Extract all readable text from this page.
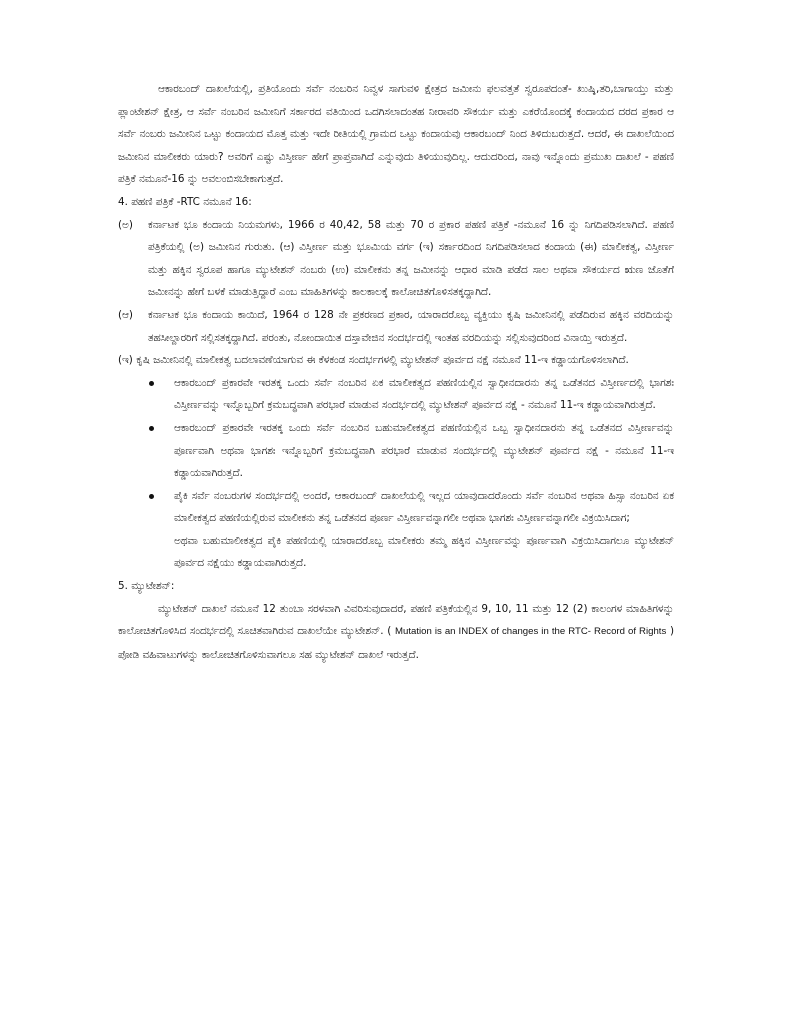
ಆಕಾರಬಂದ್ ದಾಖಲೆಯಲ್ಲಿ, ಪ್ರತಿಯೊಂದು ಸರ್ವೆ ನಂಬರಿನ ನಿವ್ವಳ ಸಾಗುವಳಿ ಕ್ಷೇತ್ರದ ಜಮೀನು ಫಲವತ್ತತೆ ಸ್ವರೂಪದಂತೆ- ಖುಷ್ಕಿ,ತರಿ,ಬಾಗಾಯ್ತು ಮತ್ತು ಪ್ಲಾಂಟೇಶನ್ ಕ್ಷೇತ್ರ, ಆ ಸರ್ವೆ ನಂಬರಿನ ಜಮೀನಿಗೆ ಸರ್ಕಾರದ ವತಿಯಿಂದ ಒದಗಿಸಲಾದಂತಹ ನೀರಾವರಿ ಸೌಕರ್ಯ ಮತ್ತು ಎಕರೆಯೊಂದಕ್ಕೆ ಕಂದಾಯದ ದರದ ಪ್ರಕಾರ ಆ ಸರ್ವೆ ನಂಬರು ಜಮೀನಿನ ಒಟ್ಟು ಕಂದಾಯದ ಮೊತ್ತ ಮತ್ತು ಇದೇ ರೀತಿಯಲ್ಲಿ ಗ್ರಾಮದ ಒಟ್ಟು ಕಂದಾಯವು ಆಕಾರಬಂದ್ ನಿಂದ ತಿಳಿದುಬರುತ್ತದೆ. ಆದರೆ, ಈ ದಾಖಲೆಯಿಂದ ಜಮೀನಿನ ಮಾಲೀಕರು ಯಾರು? ಅವರಿಗೆ ಎಷ್ಟು ವಿಸ್ತೀರ್ಣ ಹೇಗೆ ಪ್ರಾಪ್ತವಾಗಿದೆ ಎನ್ನುವುದು ತಿಳಿಯುವುದಿಲ್ಲ. ಆದುದರಿಂದ, ನಾವು ಇನ್ನೊಂದು ಪ್ರಮುಖ ದಾಖಲೆ - ಪಹಣಿ ಪತ್ರಿಕೆ ನಮೂನೆ-16 ನ್ನು ಅವಲಂಬಿಸಬೇಕಾಗುತ್ತದೆ.

4. ಪಹಣಿ ಪತ್ರಿಕೆ -RTC ನಮೂನೆ 16:

(ಅ)	ಕರ್ನಾಟಕ ಭೂ ಕಂದಾಯ ನಿಯಮಗಳು, 1966 ರ 40,42, 58 ಮತ್ತು 70 ರ ಪ್ರಕಾರ ಪಹಣಿ ಪತ್ರಿಕೆ -ನಮೂನೆ 16 ನ್ನು ನಿಗದಿಪಡಿಸಲಾಗಿದೆ. ಪಹಣಿ ಪತ್ರಿಕೆಯಲ್ಲಿ (ಅ) ಜಮೀನಿನ ಗುರುತು. (ಆ) ವಿಸ್ತೀರ್ಣ ಮತ್ತು ಭೂಮಿಯ ವರ್ಗ (ಇ) ಸರ್ಕಾರದಿಂದ ನಿಗದಿಪಡಿಸಲಾದ ಕಂದಾಯ (ಈ) ಮಾಲೀಕತ್ವ, ವಿಸ್ತೀರ್ಣ ಮತ್ತು ಹಕ್ಕಿನ ಸ್ವರೂಪ ಹಾಗೂ ಮ್ಯುಟೇಶನ್ ನಂಬರು (ಉ) ಮಾಲೀಕನು ತನ್ನ ಜಮೀನನ್ನು ಆಧಾರ ಮಾಡಿ ಪಡೆದ ಸಾಲ ಅಥವಾ ಸೌಕರ್ಯದ ಋಣ ಜೊತೆಗೆ ಜಮೀನನ್ನು ಹೇಗೆ ಬಳಕೆ ಮಾಡುತ್ತಿದ್ದಾರೆ ಎಂಬ ಮಾಹಿತಿಗಳನ್ನು ಕಾಲಕಾಲಕ್ಕೆ ಕಾಲೋಚಿತಗೊಳಿಸತಕ್ಕದ್ದಾಗಿದೆ.
(ಆ)	ಕರ್ನಾಟಕ ಭೂ ಕಂದಾಯ ಕಾಯಿದೆ, 1964 ರ 128 ನೇ ಪ್ರಕರಣದ ಪ್ರಕಾರ, ಯಾರಾದರೊಬ್ಬ ವ್ಯಕ್ತಿಯು ಕೃಷಿ ಜಮೀನಿನಲ್ಲಿ ಪಡೆದಿರುವ ಹಕ್ಕಿನ ವರದಿಯನ್ನು ತಹಸೀಲ್ದಾರರಿಗೆ ಸಲ್ಲಿಸತಕ್ಕದ್ದಾಗಿದೆ. ಪರಂತು, ನೋಂದಾಯಿತ ದಸ್ತಾವೇಜಿನ ಸಂದರ್ಭದಲ್ಲಿ ಇಂತಹ ವರದಿಯನ್ನು ಸಲ್ಲಿಸುವುದರಿಂದ ವಿನಾಯ್ತಿ ಇರುತ್ತದೆ.

(ಇ) ಕೃಷಿ ಜಮೀನಿನಲ್ಲಿ ಮಾಲೀಕತ್ವ ಬದಲಾವಣೆಯಾಗುವ ಈ ಕೆಳಕಂಡ ಸಂದರ್ಭಗಳಲ್ಲಿ ಮ್ಯುಟೇಶನ್ ಪೂರ್ವದ ನಕ್ಷೆ ನಮೂನೆ 11-ಇ ಕಡ್ಡಾಯಗೊಳಿಸಲಾಗಿದೆ.

ಆಕಾರಬಂದ್ ಪ್ರಕಾರವೇ ಇರತಕ್ಕ ಒಂದು ಸರ್ವೆ ನಂಬರಿನ ಏಕ ಮಾಲೀಕತ್ವದ ಪಹಣಿಯಲ್ಲಿನ ಸ್ವಾಧೀನದಾರನು ತನ್ನ ಒಡೆತನದ ವಿಸ್ತೀರ್ಣದಲ್ಲಿ ಭಾಗಶಃ ವಿಸ್ತೀರ್ಣವನ್ನು ಇನ್ನೊಬ್ಬರಿಗೆ ಕ್ರಮಬದ್ಧವಾಗಿ ಪರಭಾರೆ ಮಾಡುವ ಸಂದರ್ಭದಲ್ಲಿ ಮ್ಯುಟೇಶನ್ ಪೂರ್ವದ ನಕ್ಷೆ - ನಮೂನೆ 11-ಇ ಕಡ್ಡಾಯವಾಗಿರುತ್ತದೆ.
ಆಕಾರಬಂದ್ ಪ್ರಕಾರವೇ ಇರತಕ್ಕ ಒಂದು ಸರ್ವೆ ನಂಬರಿನ ಬಹುಮಾಲೀಕತ್ವದ ಪಹಣಿಯಲ್ಲಿನ ಒಬ್ಬ ಸ್ವಾಧೀನದಾರನು ತನ್ನ ಒಡೆತನದ ವಿಸ್ತೀರ್ಣವನ್ನು ಪೂರ್ಣವಾಗಿ ಅಥವಾ ಭಾಗಶಃ ಇನ್ನೊಬ್ಬರಿಗೆ ಕ್ರಮಬದ್ಧವಾಗಿ ಪರಭಾರೆ ಮಾಡುವ ಸಂದರ್ಭದಲ್ಲಿ ಮ್ಯುಟೇಶನ್ ಪೂರ್ವದ ನಕ್ಷೆ - ನಮೂನೆ 11-ಇ ಕಡ್ಡಾಯವಾಗಿರುತ್ತದೆ.
ಪೈಕಿ ಸರ್ವೆ ನಂಬರುಗಳ ಸಂದರ್ಭದಲ್ಲಿ ಅಂದರೆ, ಆಕಾರಬಂದ್ ದಾಖಲೆಯಲ್ಲಿ ಇಲ್ಲದ ಯಾವುದಾದರೊಂದು ಸರ್ವೆ ನಂಬರಿನ ಅಥವಾ ಹಿಸ್ಸಾ ನಂಬರಿನ ಏಕ ಮಾಲೀಕತ್ವದ ಪಹಣಿಯಲ್ಲಿರುವ ಮಾಲೀಕನು ತನ್ನ ಒಡೆತನದ ಪೂರ್ಣ ವಿಸ್ತೀರ್ಣವನ್ನಾಗಲೀ ಅಥವಾ ಭಾಗಶಃ ವಿಸ್ತೀರ್ಣವನ್ನಾಗಲೀ ವಿಕ್ರಯಿಸಿದಾಗ;
ಅಥವಾ ಬಹುಮಾಲೀಕತ್ವದ ಪೈಕಿ ಪಹಣಿಯಲ್ಲಿ ಯಾರಾದರೊಬ್ಬ ಮಾಲೀಕರು ತಮ್ಮ ಹಕ್ಕಿನ ವಿಸ್ತೀರ್ಣವನ್ನು ಪೂರ್ಣವಾಗಿ ವಿಕ್ರಯಿಸಿದಾಗಲೂ ಮ್ಯುಟೇಶನ್ ಪೂರ್ವದ ನಕ್ಷೆಯು ಕಡ್ಡಾಯವಾಗಿರುತ್ತದೆ.

5. ಮ್ಯುಟೇಶನ್:

ಮ್ಯುಟೇಶನ್ ದಾಖಲೆ ನಮೂನೆ 12 ತುಂಬಾ ಸರಳವಾಗಿ ವಿವರಿಸುವುದಾದರೆ, ಪಹಣಿ ಪತ್ರಿಕೆಯಲ್ಲಿನ 9, 10, 11 ಮತ್ತು 12 (2) ಕಾಲಂಗಳ ಮಾಹಿತಿಗಳನ್ನು ಕಾಲೋಚಿತಗೊಳಿಸಿದ ಸಂದರ್ಭದಲ್ಲಿ ಸೂಚಿತವಾಗಿರುವ ದಾಖಲೆಯೇ ಮ್ಯುಟೇಶನ್. ( Mutation is an INDEX of changes in the RTC- Record of Rights ) ಪೋಡಿ ವಹಿವಾಟುಗಳನ್ನು ಕಾಲೋಚಿತಗೊಳಿಸುವಾಗಲೂ ಸಹ ಮ್ಯುಟೇಶನ್ ದಾಖಲೆ ಇರುತ್ತದೆ.
